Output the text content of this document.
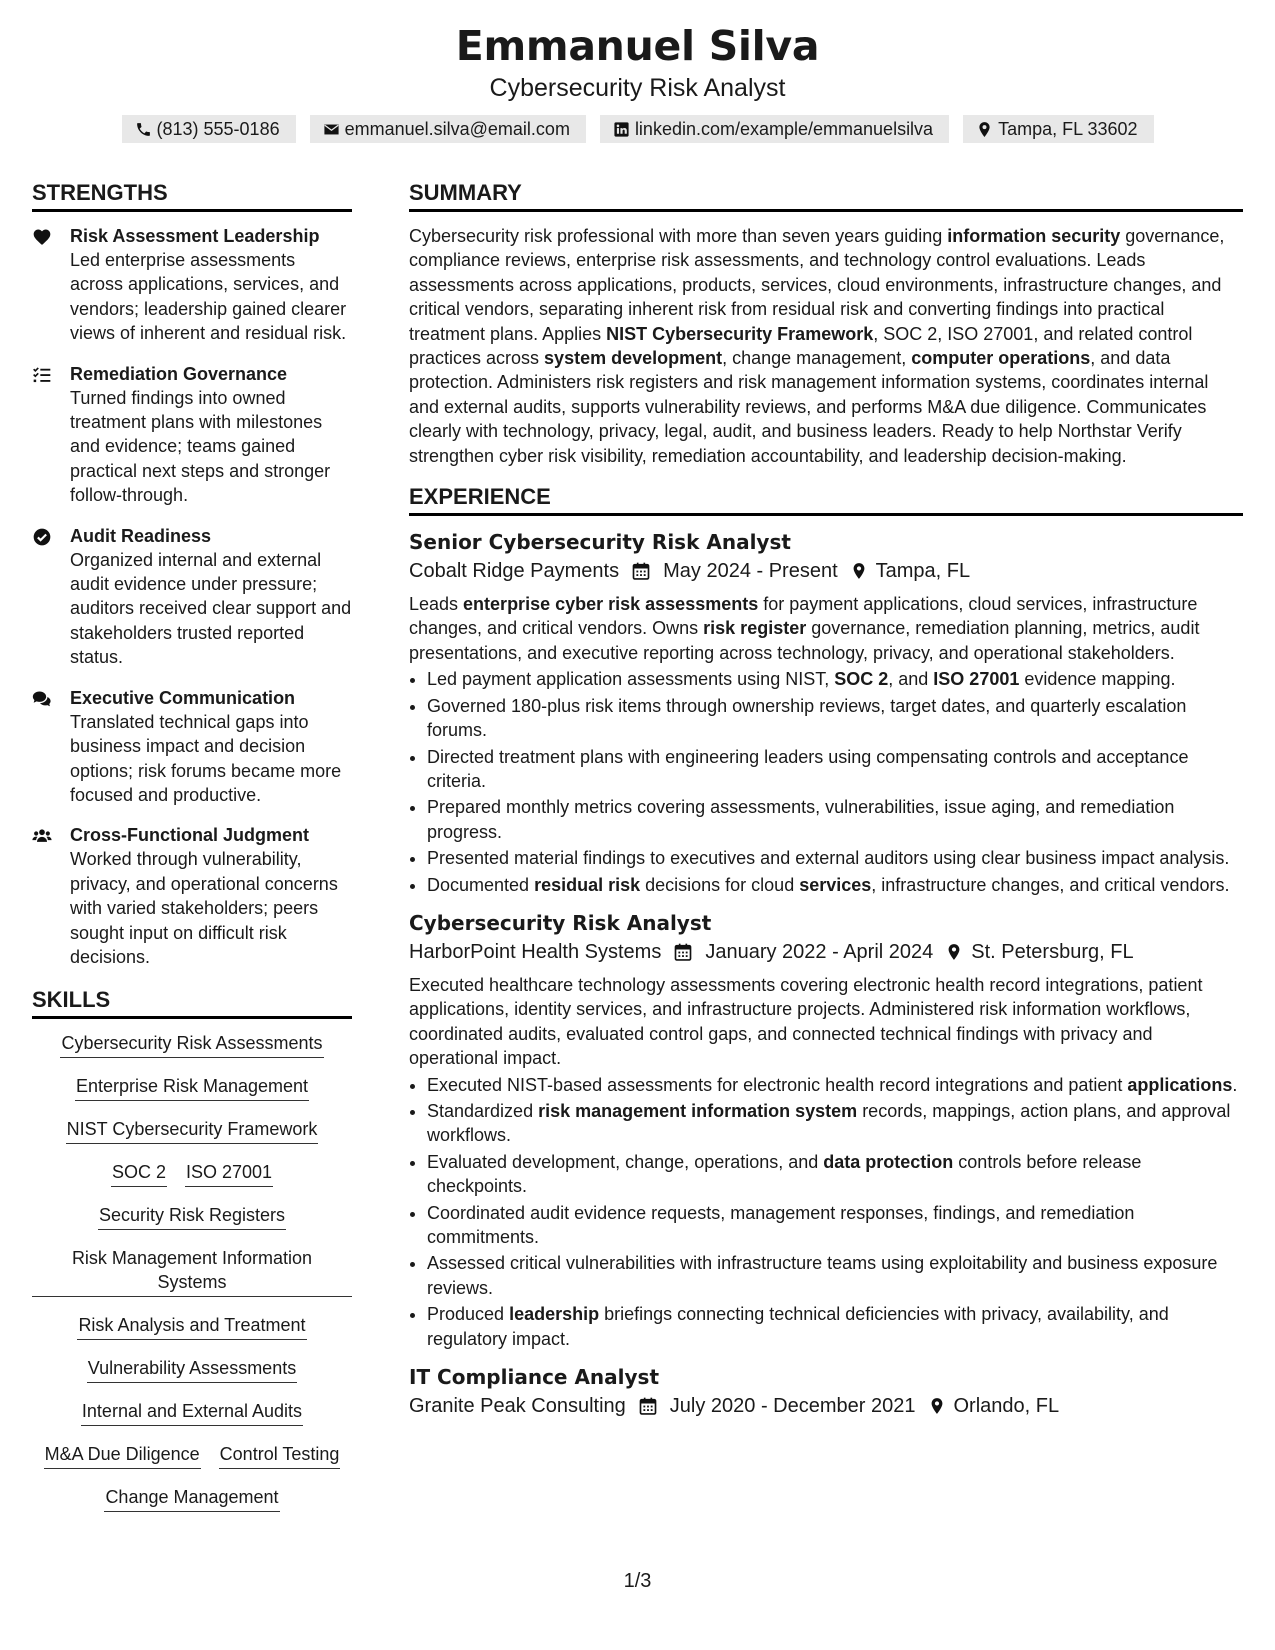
Emmanuel Silva
Cybersecurity Risk Analyst
(813) 555-0186	emmanuel.silva@email.com	linkedin.com/example/emmanuelsilva	Tampa, FL 33602
STRENGTHS
Risk Assessment Leadership
Led enterprise assessments across applications, services, and vendors; leadership gained clearer views of inherent and residual risk.
Remediation Governance
Turned findings into owned treatment plans with milestones and evidence; teams gained practical next steps and stronger follow-through.
Audit Readiness
Organized internal and external audit evidence under pressure; auditors received clear support and stakeholders trusted reported status.
Executive Communication
Translated technical gaps into business impact and decision options; risk forums became more focused and productive.
Cross-Functional Judgment
Worked through vulnerability, privacy, and operational concerns with varied stakeholders; peers sought input on difficult risk decisions.
SKILLS
Cybersecurity Risk Assessments
Enterprise Risk Management
NIST Cybersecurity Framework
SOC 2 ISO 27001
Security Risk Registers
Risk Management Information Systems
Risk Analysis and Treatment
Vulnerability Assessments
Internal and External Audits
M&A Due Diligence Control Testing
Change Management
SUMMARY
Cybersecurity risk professional with more than seven years guiding information security governance, compliance reviews, enterprise risk assessments, and technology control evaluations. Leads assessments across applications, products, services, cloud environments, infrastructure changes, and critical vendors, separating inherent risk from residual risk and converting findings into practical treatment plans. Applies NIST Cybersecurity Framework, SOC 2, ISO 27001, and related control practices across system development, change management, computer operations, and data protection. Administers risk registers and risk management information systems, coordinates internal and external audits, supports vulnerability reviews, and performs M&A due diligence. Communicates clearly with technology, privacy, legal, audit, and business leaders. Ready to help Northstar Verify strengthen cyber risk visibility, remediation accountability, and leadership decision-making.
EXPERIENCE
Senior Cybersecurity Risk Analyst
Cobalt Ridge Payments May 2024 - Present Tampa, FL
Leads enterprise cyber risk assessments for payment applications, cloud services, infrastructure changes, and critical vendors. Owns risk register governance, remediation planning, metrics, audit presentations, and executive reporting across technology, privacy, and operational stakeholders.
• Led payment application assessments using NIST, SOC 2, and ISO 27001 evidence mapping.
• Governed 180-plus risk items through ownership reviews, target dates, and quarterly escalation forums.
• Directed treatment plans with engineering leaders using compensating controls and acceptance criteria.
• Prepared monthly metrics covering assessments, vulnerabilities, issue aging, and remediation progress.
• Presented material findings to executives and external auditors using clear business impact analysis.
• Documented residual risk decisions for cloud services, infrastructure changes, and critical vendors.
Cybersecurity Risk Analyst
HarborPoint Health Systems January 2022 - April 2024 St. Petersburg, FL
Executed healthcare technology assessments covering electronic health record integrations, patient applications, identity services, and infrastructure projects. Administered risk information workflows, coordinated audits, evaluated control gaps, and connected technical findings with privacy and operational impact.
• Executed NIST-based assessments for electronic health record integrations and patient applications.
• Standardized risk management information system records, mappings, action plans, and approval workflows.
• Evaluated development, change, operations, and data protection controls before release checkpoints.
• Coordinated audit evidence requests, management responses, findings, and remediation commitments.
• Assessed critical vulnerabilities with infrastructure teams using exploitability and business exposure reviews.
• Produced leadership briefings connecting technical deficiencies with privacy, availability, and regulatory impact.
IT Compliance Analyst
Granite Peak Consulting July 2020 - December 2021 Orlando, FL
1/3
